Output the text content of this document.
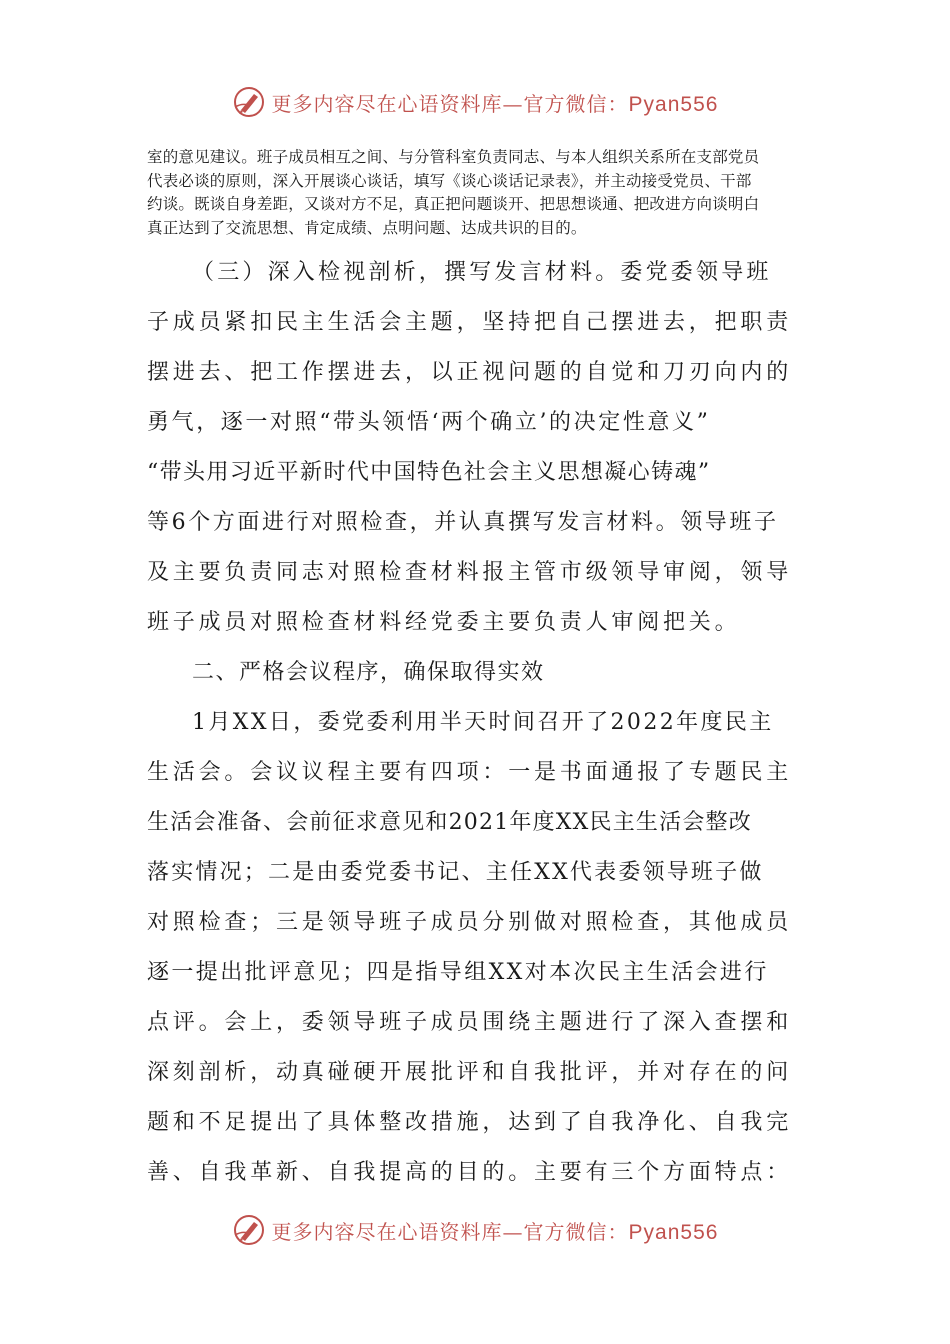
更多内容尽在心语资料库—官方微信：Pyan556
室的意见建议。班子成员相互之间、与分管科室负责同志、与本人组织关系所在支部党员
代表必谈的原则，深入开展谈心谈话，填写《谈心谈话记录表》，并主动接受党员、干部
约谈。既谈自身差距，又谈对方不足，真正把问题谈开、把思想谈通、把改进方向谈明白
真正达到了交流思想、肯定成绩、点明问题、达成共识的目的。
（三）深入检视剖析，撰写发言材料。委党委领导班
子成员紧扣民主生活会主题，坚持把自己摆进去，把职责
摆进去、把工作摆进去，以正视问题的自觉和刀刃向内的
勇气，逐一对照“带头领悟‘两个确立’的决定性意义”
“带头用习近平新时代中国特色社会主义思想凝心铸魂”
等6个方面进行对照检查，并认真撰写发言材料。领导班子
及主要负责同志对照检查材料报主管市级领导审阅，领导
班子成员对照检查材料经党委主要负责人审阅把关。
二、严格会议程序，确保取得实效
1月XX日，委党委利用半天时间召开了2022年度民主
生活会。会议议程主要有四项：一是书面通报了专题民主
生活会准备、会前征求意见和2021年度XX民主生活会整改
落实情况；二是由委党委书记、主任XX代表委领导班子做
对照检查；三是领导班子成员分别做对照检查，其他成员
逐一提出批评意见；四是指导组XX对本次民主生活会进行
点评。会上，委领导班子成员围绕主题进行了深入查摆和
深刻剖析，动真碰硬开展批评和自我批评，并对存在的问
题和不足提出了具体整改措施，达到了自我净化、自我完
善、自我革新、自我提高的目的。主要有三个方面特点：
更多内容尽在心语资料库—官方微信：Pyan556
